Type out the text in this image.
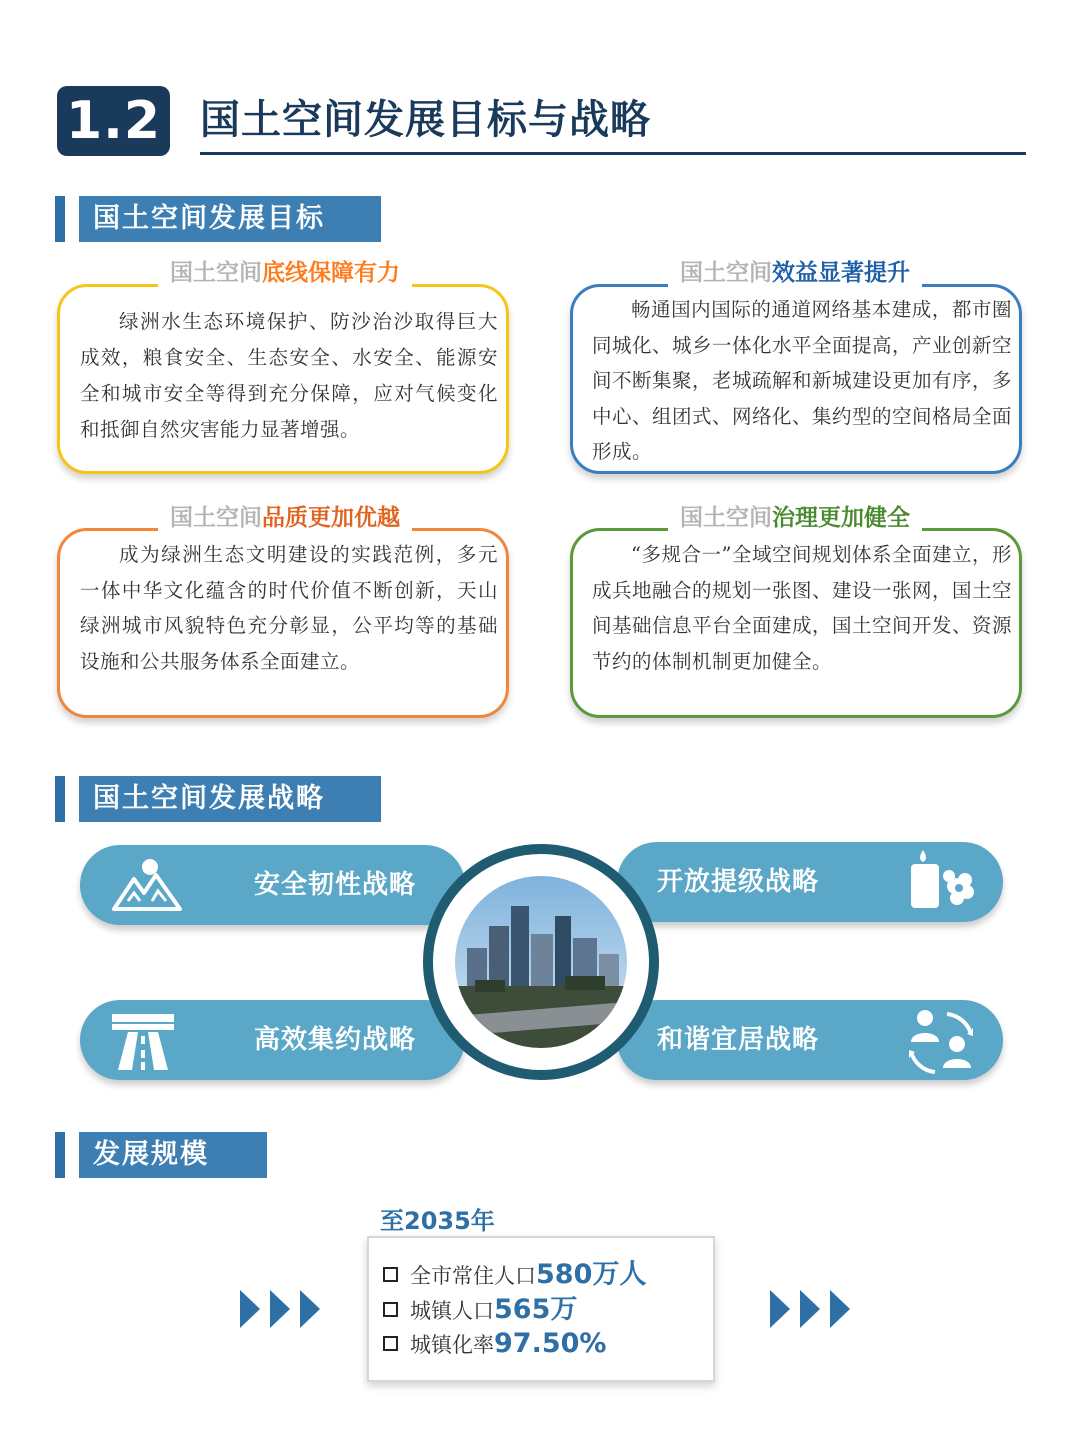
1.2 国土空间发展目标与战略
国土空间发展目标
国土空间底线保障有力
绿洲水生态环境保护、防沙治沙取得巨大成效，粮食安全、生态安全、水安全、能源安全和城市安全等得到充分保障，应对气候变化和抵御自然灾害能力显著增强。
国土空间效益显著提升
畅通国内国际的通道网络基本建成，都市圈同城化、城乡一体化水平全面提高，产业创新空间不断集聚，老城疏解和新城建设更加有序，多中心、组团式、网络化、集约型的空间格局全面形成。
国土空间品质更加优越
成为绿洲生态文明建设的实践范例，多元一体中华文化蕴含的时代价值不断创新，天山绿洲城市风貌特色充分彰显，公平均等的基础设施和公共服务体系全面建立。
国土空间治理更加健全
“多规合一”全域空间规划体系全面建立，形成兵地融合的规划一张图、建设一张网，国土空间基础信息平台全面建成，国土空间开发、资源节约的体制机制更加健全。
国土空间发展战略
安全韧性战略	开放提级战略
高效集约战略	和谐宜居战略
发展规模
至2035年
全市常住人口580万人
城镇人口565万
城镇化率97.50%
